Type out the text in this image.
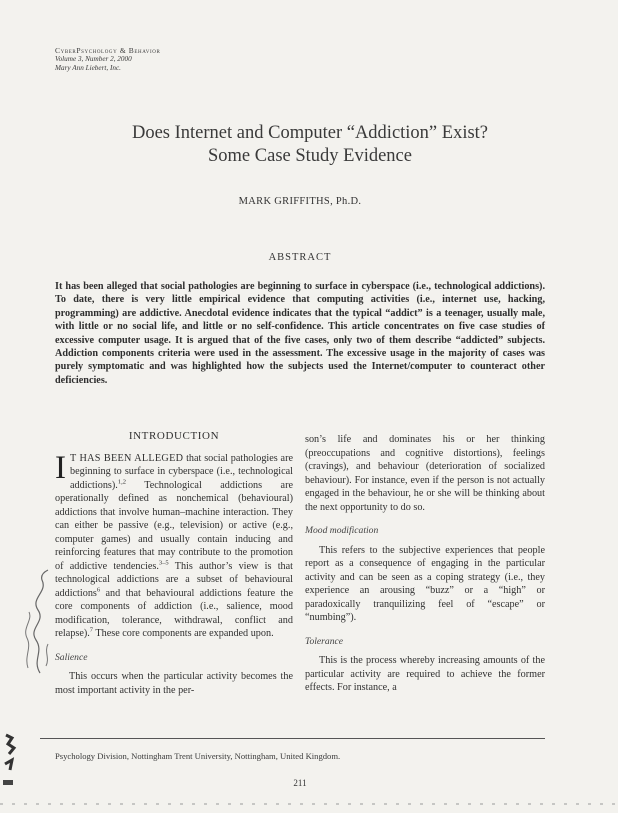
CyberPsychology & Behavior
Volume 3, Number 2, 2000
Mary Ann Liebert, Inc.
Does Internet and Computer “Addiction” Exist?
Some Case Study Evidence
MARK GRIFFITHS, Ph.D.
ABSTRACT
It has been alleged that social pathologies are beginning to surface in cyberspace (i.e., technological addictions). To date, there is very little empirical evidence that computing activities (i.e., internet use, hacking, programming) are addictive. Anecdotal evidence indicates that the typical “addict” is a teenager, usually male, with little or no social life, and little or no self-confidence. This article concentrates on five case studies of excessive computer usage. It is argued that of the five cases, only two of them describe “addicted” subjects. Addiction components criteria were used in the assessment. The excessive usage in the majority of cases was purely symptomatic and was highlighted how the subjects used the Internet/computer to counteract other deficiencies.
INTRODUCTION

I T HAS BEEN ALLEGED that social pathologies are beginning to surface in cyberspace (i.e., technological addictions).$^{1,2}$ Technological addictions are operationally defined as nonchemical (behavioural) addictions that involve human–machine interaction. They can either be passive (e.g., television) or active (e.g., computer games) and usually contain inducing and reinforcing features that may contribute to the promotion of addictive tendencies.$^{3-5}$ This author’s view is that technological addictions are a subset of behavioural addictions$^6$ and that behavioural addictions feature the core components of addiction (i.e., salience, mood modification, tolerance, withdrawal, conflict and relapse).$^7$ These core components are expanded upon.

Salience

This occurs when the particular activity becomes the most important activity in the per-

son’s life and dominates his or her thinking (preoccupations and cognitive distortions), feelings (cravings), and behaviour (deterioration of socialized behaviour). For instance, even if the person is not actually engaged in the behaviour, he or she will be thinking about the next opportunity to do so.

Mood modification

This refers to the subjective experiences that people report as a consequence of engaging in the particular activity and can be seen as a coping strategy (i.e., they experience an arousing “buzz” or a “high” or paradoxically tranquilizing feel of “escape” or “numbing”).

Tolerance

This is the process whereby increasing amounts of the particular activity are required to achieve the former effects. For instance, a

Psychology Division, Nottingham Trent University, Nottingham, United Kingdom.
211
